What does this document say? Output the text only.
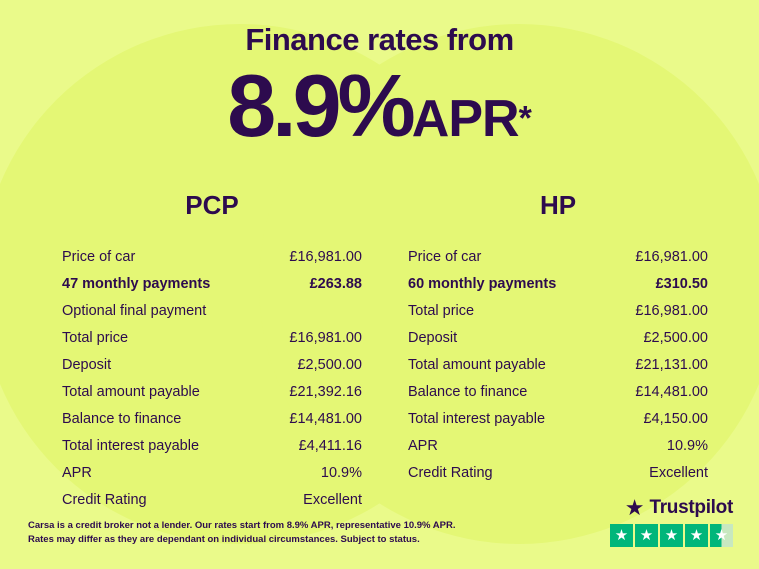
Finance rates from
8.9%APR*
PCP
Price of car	£16,981.00
47 monthly payments	£263.88
Optional final payment
Total price	£16,981.00
Deposit	£2,500.00
Total amount payable	£21,392.16
Balance to finance	£14,481.00
Total interest payable	£4,411.16
APR	10.9%
Credit Rating	Excellent
HP
Price of car	£16,981.00
60 monthly payments	£310.50
Total price	£16,981.00
Deposit	£2,500.00
Total amount payable	£21,131.00
Balance to finance	£14,481.00
Total interest payable	£4,150.00
APR	10.9%
Credit Rating	Excellent
Carsa is a credit broker not a lender. Our rates start from 8.9% APR, representative 10.9% APR.
Rates may differ as they are dependant on individual circumstances. Subject to status.
★ Trustpilot
★ ★ ★ ★ ★
